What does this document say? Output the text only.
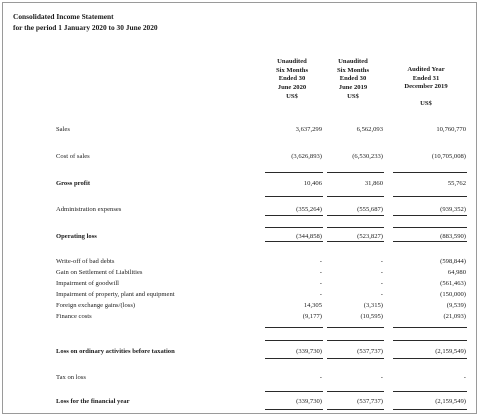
Consolidated Income Statement
for the period 1 January 2020 to 30 June 2020
Unaudited
Six Months
Ended 30
June 2020
US$
Unaudited
Six Months
Ended 30
June 2019
US$
Audited Year
Ended 31
December 2019
US$
Sales	3,637,299	6,562,093	10,760,770
Cost of sales	(3,626,893)	(6,530,233)	(10,705,008)
Gross profit	10,406	31,860	55,762
Administration expenses	(355,264)	(555,687)	(939,352)
Operating loss	(344,858)	(523,827)	(883,590)
Write-off of bad debts	-	-	(598,844)
Gain on Settlement of Liabilities	-	-	64,980
Impairment of goodwill	-	-	(561,463)
Impairment of property, plant and equipment	-	-	(150,000)
Foreign exchange gains/(loss)	14,305	(3,315)	(9,539)
Finance costs	(9,177)	(10,595)	(21,093)
Loss on ordinary activities before taxation	(339,730)	(537,737)	(2,159,549)
Tax on loss	-	-	-
Loss for the financial year	(339,730)	(537,737)	(2,159,549)
